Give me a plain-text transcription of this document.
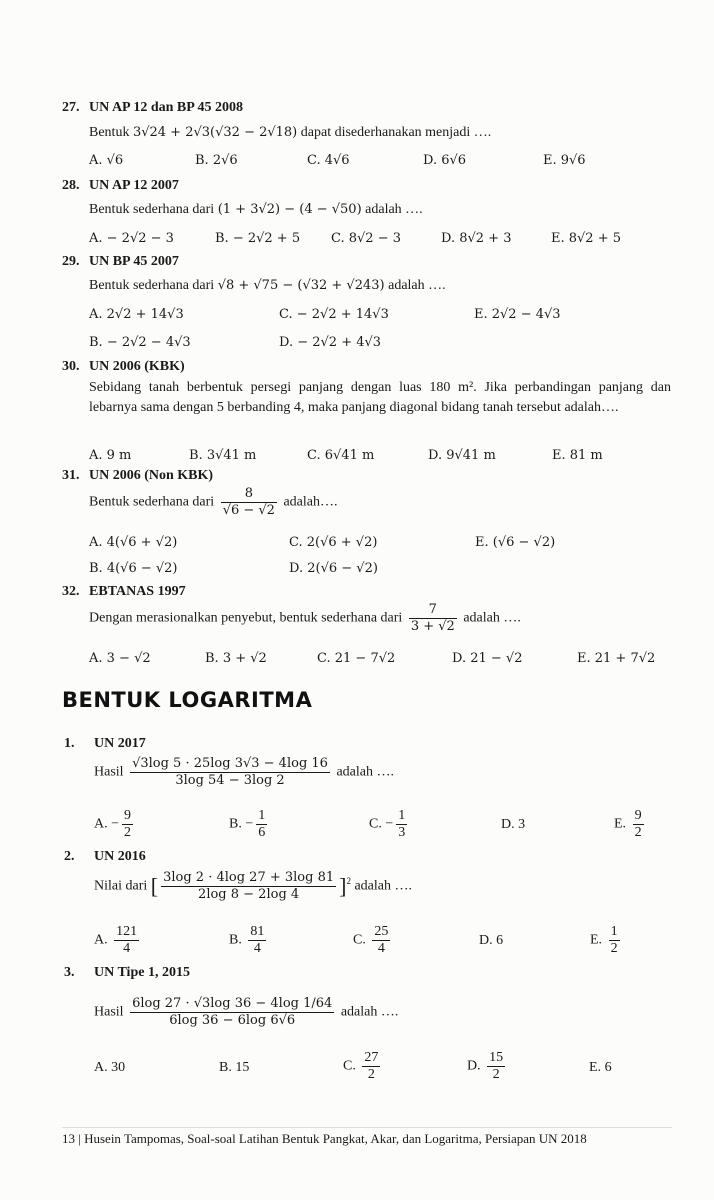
27. UN AP 12 dan BP 45 2008
Bentuk 3√24 + 2√3(√32 − 2√18) dapat disederhanakan menjadi ….
A. √6	B. 2√6	C. 4√6	D. 6√6	E. 9√6
28. UN AP 12 2007
Bentuk sederhana dari (1 + 3√2) − (4 − √50) adalah ….
A. − 2√2 − 3	B. − 2√2 + 5 C. 8√2 − 3	D. 8√2 + 3	E. 8√2 + 5
29. UN BP 45 2007
Bentuk sederhana dari √8 + √75 − (√32 + √243) adalah ….
A. 2√2 + 14√3	C. − 2√2 + 14√3	E. 2√2 − 4√3
B. − 2√2 − 4√3	D. − 2√2 + 4√3
30. UN 2006 (KBK)
Sebidang tanah berbentuk persegi panjang dengan luas 180 m². Jika perbandingan panjang dan lebarnya sama dengan 5 berbanding 4, maka panjang diagonal bidang tanah tersebut adalah….
A. 9 m	B. 3√41 m	C. 6√41 m	D. 9√41 m	E. 81 m
31. UN 2006 (Non KBK)
Bentuk sederhana dari $\frac{8}{√6 - √2}$ adalah….
A. 4(√6 + √2)	C. 2(√6 + √2)	E. (√6 − √2)
B. 4(√6 − √2)	D. 2(√6 − √2)
32. EBTANAS 1997
Dengan merasionalkan penyebut, bentuk sederhana dari $\frac{7}{3 + √2}$ adalah ….
A. 3 − √2	B. 3 + √2	C. 21 − 7√2	D. 21 − √2	E. 21 + 7√2
BENTUK LOGARITMA
1. UN 2017
Hasil $\frac{√3\log 5 \cdot 25\log 3√3 - 4\log 16}{3\log 54 - 3\log 2}$ adalah ….
A. − $\frac{9}{2}$	B. − $\frac{1}{6}$	C. − $\frac{1}{3}$	D. 3	E. $\frac{9}{2}$
2. UN 2016
Nilai dari [ $\frac{3\log 2 \cdot 4\log 27 + 3\log 81}{2\log 8 - 2\log 4} ]^2$ adalah ….
A. $\frac{121}{4}$	B. $\frac{81}{4}$	C. $\frac{25}{4}$	D. 6	E. $\frac{1}{2}$
3. UN Tipe 1, 2015
Hasil $\frac{6\log 27 \cdot √3\log 36 - 4\log 1/64}{6\log 36 - 6\log 6√6}$ adalah ….
A. 30	B. 15	C. $\frac{27}{2}$	D. $\frac{15}{2}$	E. 6
13 | Husein Tampomas, Soal-soal Latihan Bentuk Pangkat, Akar, dan Logaritma, Persiapan UN 2018
